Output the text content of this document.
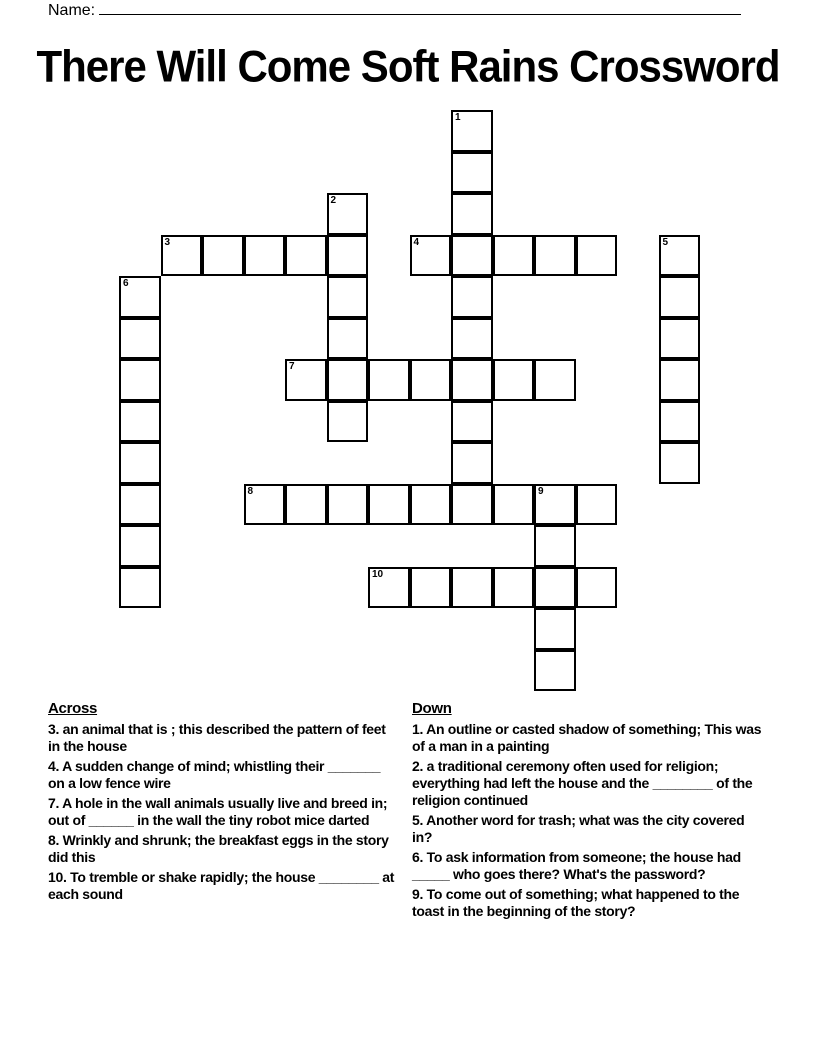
Name:
There Will Come Soft Rains Crossword
1
2
3	4	5
6
7
8	9
10
Across
3. an animal that is ; this described the pattern of feet in the house
4. A sudden change of mind; whistling their _______ on a low fence wire
7. A hole in the wall animals usually live and breed in; out of ______ in the wall the tiny robot mice darted
8. Wrinkly and shrunk; the breakfast eggs in the story did this
10. To tremble or shake rapidly; the house ________ at each sound
Down
1. An outline or casted shadow of something; This was of a man in a painting
2. a traditional ceremony often used for religion; everything had left the house and the ________ of the religion continued
5. Another word for trash; what was the city covered in?
6. To ask information from someone; the house had _____ who goes there? What's the password?
9. To come out of something; what happened to the toast in the beginning of the story?
